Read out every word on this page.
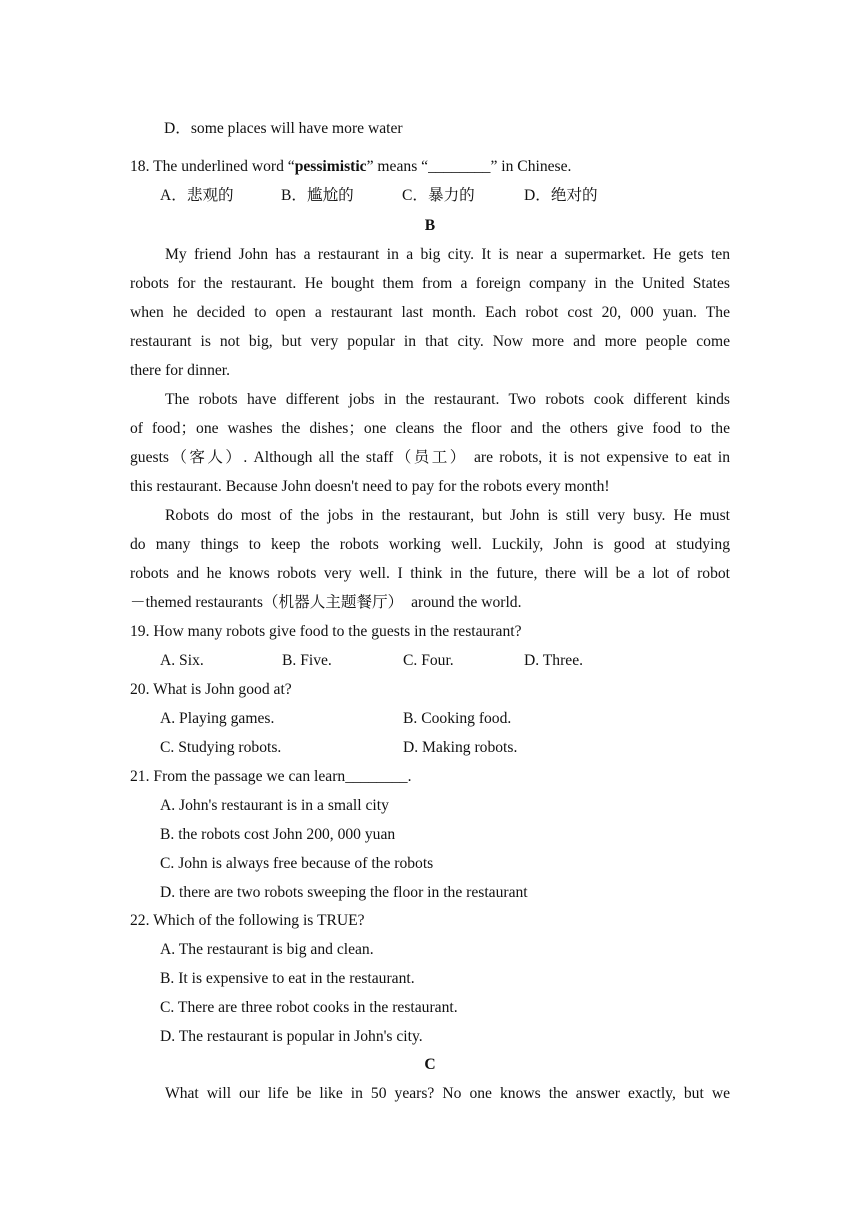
D．some places will have more water
18. The underlined word “pessimistic” means “________” in Chinese.
A．悲观的	B．尴尬的	C．暴力的	D．绝对的
B
My friend John has a restaurant in a big city. It is near a supermarket. He gets ten
robots for the restaurant. He bought them from a foreign company in the United States
when he decided to open a restaurant last month. Each robot cost 20, 000 yuan. The
restaurant is not big, but very popular in that city. Now more and more people come
there for dinner.
The robots have different jobs in the restaurant. Two robots cook different kinds
of food；one washes the dishes；one cleans the floor and the others give food to the
guests（客人）. Although all the staff（员工） are robots, it is not expensive to eat in
this restaurant. Because John doesn't need to pay for the robots every month!
Robots do most of the jobs in the restaurant, but John is still very busy. He must
do many things to keep the robots working well. Luckily, John is good at studying
robots and he knows robots very well. I think in the future, there will be a lot of robot
－themed restaurants（机器人主题餐厅）  around the world.
19. How many robots give food to the guests in the restaurant?
A. Six.	B. Five.	C. Four.	D. Three.
20. What is John good at?
A. Playing games.	B. Cooking food.
C. Studying robots.	D. Making robots.
21. From the passage we can learn________.
A. John's restaurant is in a small city
B. the robots cost John 200, 000 yuan
C. John is always free because of the robots
D. there are two robots sweeping the floor in the restaurant
22. Which of the following is TRUE?
A. The restaurant is big and clean.
B. It is expensive to eat in the restaurant.
C. There are three robot cooks in the restaurant.
D. The restaurant is popular in John's city.
C
What will our life be like in 50 years? No one knows the answer exactly, but we
